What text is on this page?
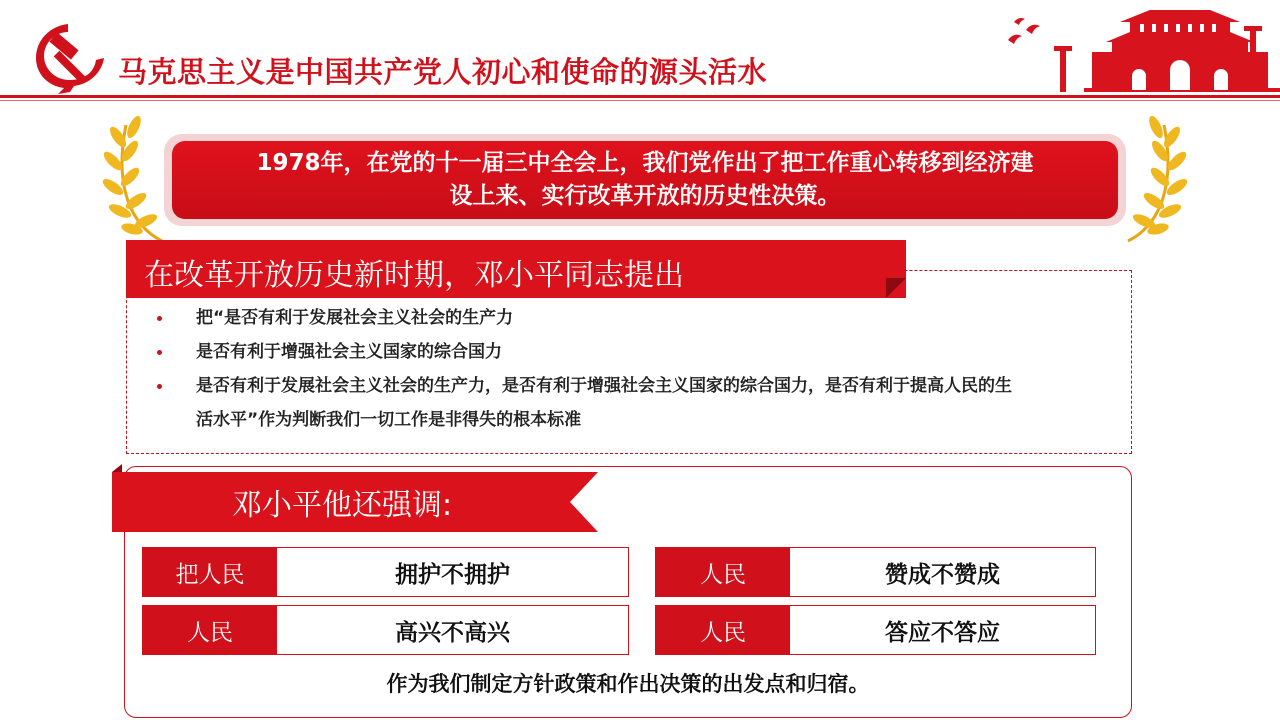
马克思主义是中国共产党人初心和使命的源头活水
1978年，在党的十一届三中全会上，我们党作出了把工作重心转移到经济建
设上来、实行改革开放的历史性决策。
在改革开放历史新时期，邓小平同志提出
把“是否有利于发展社会主义社会的生产力
是否有利于增强社会主义国家的综合国力
是否有利于发展社会主义社会的生产力，是否有利于增强社会主义国家的综合国力，是否有利于提高人民的生
活水平”作为判断我们一切工作是非得失的根本标准
邓小平他还强调:
把人民	拥护不拥护	人民	赞成不赞成
人民	高兴不高兴	人民	答应不答应
作为我们制定方针政策和作出决策的出发点和归宿。
